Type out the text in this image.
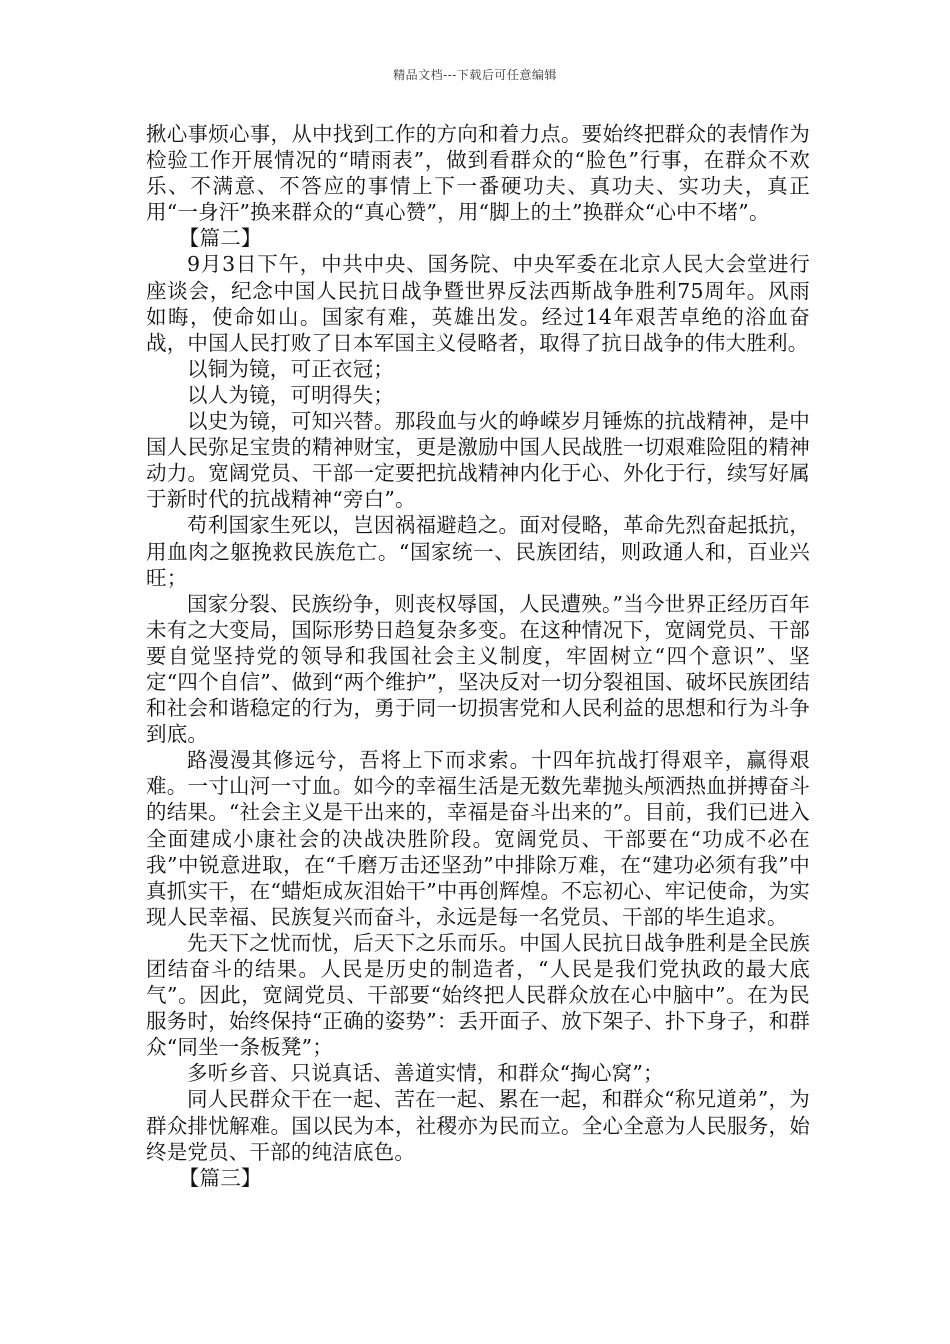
精品文档---下载后可任意编辑

揪心事烦心事，从中找到工作的方向和着力点。要始终把群众的表情作为检验工作开展情况的“晴雨表”，做到看群众的“脸色”行事，在群众不欢乐、不满意、不答应的事情上下一番硬功夫、真功夫、实功夫，真正用“一身汗”换来群众的“真心赞”，用“脚上的土”换群众“心中不堵”。

【篇二】

9月3日下午，中共中央、国务院、中央军委在北京人民大会堂进行座谈会，纪念中国人民抗日战争暨世界反法西斯战争胜利75周年。风雨如晦，使命如山。国家有难，英雄出发。经过14年艰苦卓绝的浴血奋战，中国人民打败了日本军国主义侵略者，取得了抗日战争的伟大胜利。

以铜为镜，可正衣冠；

以人为镜，可明得失；

以史为镜，可知兴替。那段血与火的峥嵘岁月锤炼的抗战精神，是中国人民弥足宝贵的精神财宝，更是激励中国人民战胜一切艰难险阻的精神动力。宽阔党员、干部一定要把抗战精神内化于心、外化于行，续写好属于新时代的抗战精神“旁白”。

苟利国家生死以，岂因祸福避趋之。面对侵略，革命先烈奋起抵抗，用血肉之躯挽救民族危亡。“国家统一、民族团结，则政通人和，百业兴旺；

国家分裂、民族纷争，则丧权辱国，人民遭殃。”当今世界正经历百年未有之大变局，国际形势日趋复杂多变。在这种情况下，宽阔党员、干部要自觉坚持党的领导和我国社会主义制度，牢固树立“四个意识”、坚定“四个自信”、做到“两个维护”，坚决反对一切分裂祖国、破坏民族团结和社会和谐稳定的行为，勇于同一切损害党和人民利益的思想和行为斗争到底。

路漫漫其修远兮，吾将上下而求索。十四年抗战打得艰辛，赢得艰难。一寸山河一寸血。如今的幸福生活是无数先辈抛头颅洒热血拼搏奋斗的结果。“社会主义是干出来的，幸福是奋斗出来的”。目前，我们已进入全面建成小康社会的决战决胜阶段。宽阔党员、干部要在“功成不必在我”中锐意进取，在“千磨万击还坚劲”中排除万难，在“建功必须有我”中真抓实干，在“蜡炬成灰泪始干”中再创辉煌。不忘初心、牢记使命，为实现人民幸福、民族复兴而奋斗，永远是每一名党员、干部的毕生追求。

先天下之忧而忧，后天下之乐而乐。中国人民抗日战争胜利是全民族团结奋斗的结果。人民是历史的制造者，“人民是我们党执政的最大底气”。因此，宽阔党员、干部要“始终把人民群众放在心中脑中”。在为民服务时，始终保持“正确的姿势”：丢开面子、放下架子、扑下身子，和群众“同坐一条板凳”；

多听乡音、只说真话、善道实情，和群众“掏心窝”；

同人民群众干在一起、苦在一起、累在一起，和群众“称兄道弟”，为群众排忧解难。国以民为本，社稷亦为民而立。全心全意为人民服务，始终是党员、干部的纯洁底色。

【篇三】
